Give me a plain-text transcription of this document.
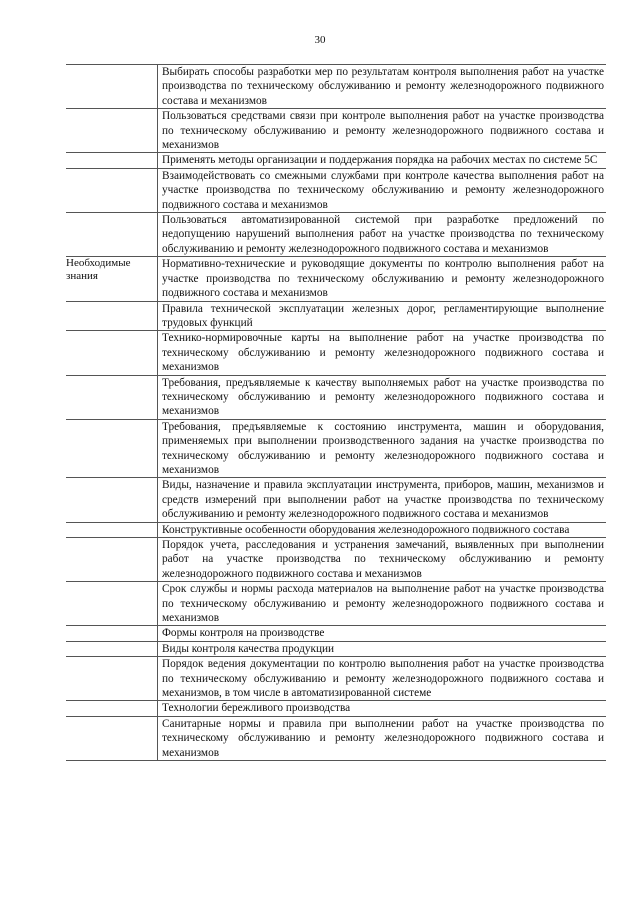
30
Выбирать способы разработки мер по результатам контроля выполнения работ на участке производства по техническому обслуживанию и ремонту железнодорожного подвижного состава и механизмов
Пользоваться средствами связи при контроле выполнения работ на участке производства по техническому обслуживанию и ремонту железнодорожного подвижного состава и механизмов
Применять методы организации и поддержания порядка на рабочих местах по системе 5С
Взаимодействовать со смежными службами при контроле качества выполнения работ на участке производства по техническому обслуживанию и ремонту железнодорожного подвижного состава и механизмов
Пользоваться автоматизированной системой при разработке предложений по недопущению нарушений выполнения работ на участке производства по техническому обслуживанию и ремонту железнодорожного подвижного состава и механизмов
Необходимые знания
Нормативно-технические и руководящие документы по контролю выполнения работ на участке производства по техническому обслуживанию и ремонту железнодорожного подвижного состава и механизмов
Правила технической эксплуатации железных дорог, регламентирующие выполнение трудовых функций
Технико-нормировочные карты на выполнение работ на участке производства по техническому обслуживанию и ремонту железнодорожного подвижного состава и механизмов
Требования, предъявляемые к качеству выполняемых работ на участке производства по техническому обслуживанию и ремонту железнодорожного подвижного состава и механизмов
Требования, предъявляемые к состоянию инструмента, машин и оборудования, применяемых при выполнении производственного задания на участке производства по техническому обслуживанию и ремонту железнодорожного подвижного состава и механизмов
Виды, назначение и правила эксплуатации инструмента, приборов, машин, механизмов и средств измерений при выполнении работ на участке производства по техническому обслуживанию и ремонту железнодорожного подвижного состава и механизмов
Конструктивные особенности оборудования железнодорожного подвижного состава
Порядок учета, расследования и устранения замечаний, выявленных при выполнении работ на участке производства по техническому обслуживанию и ремонту железнодорожного подвижного состава и механизмов
Срок службы и нормы расхода материалов на выполнение работ на участке производства по техническому обслуживанию и ремонту железнодорожного подвижного состава и механизмов
Формы контроля на производстве
Виды контроля качества продукции
Порядок ведения документации по контролю выполнения работ на участке производства по техническому обслуживанию и ремонту железнодорожного подвижного состава и механизмов, в том числе в автоматизированной системе
Технологии бережливого производства
Санитарные нормы и правила при выполнении работ на участке производства по техническому обслуживанию и ремонту железнодорожного подвижного состава и механизмов
